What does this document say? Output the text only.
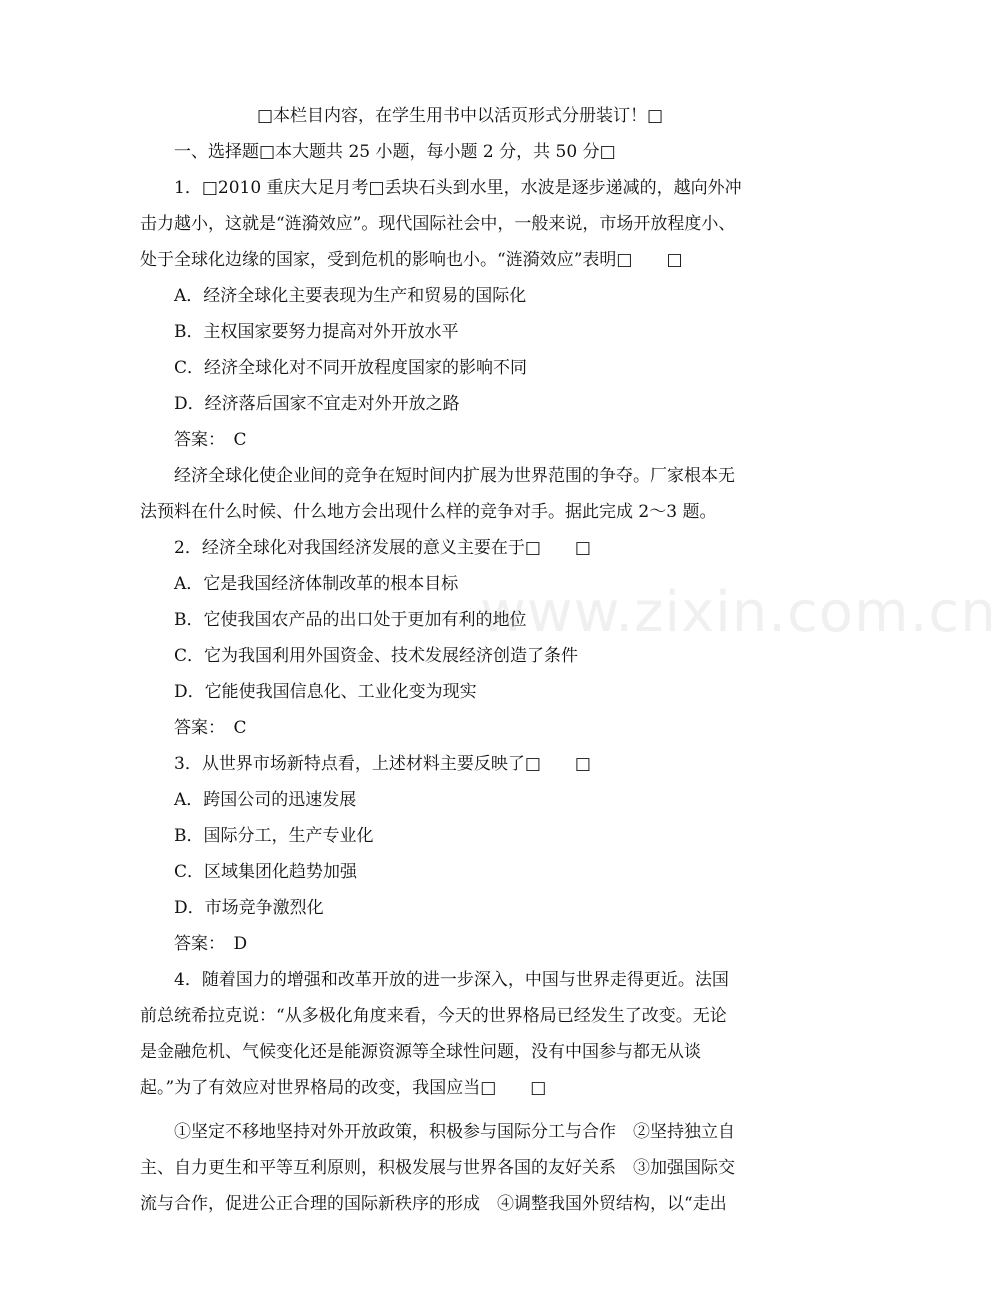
www.zixin.com.cn
□本栏目内容，在学生用书中以活页形式分册装订！□
一、选择题□本大题共 25 小题，每小题 2 分，共 50 分□
1．□2010 重庆大足月考□丢块石头到水里，水波是逐步递减的，越向外冲
击力越小，这就是“涟漪效应”。现代国际社会中，一般来说，市场开放程度小、
处于全球化边缘的国家，受到危机的影响也小。“涟漪效应”表明□　　□
A．经济全球化主要表现为生产和贸易的国际化
B．主权国家要努力提高对外开放水平
C．经济全球化对不同开放程度国家的影响不同
D．经济落后国家不宜走对外开放之路
答案：　C
经济全球化使企业间的竞争在短时间内扩展为世界范围的争夺。厂家根本无
法预料在什么时候、什么地方会出现什么样的竞争对手。据此完成 2～3 题。
2．经济全球化对我国经济发展的意义主要在于□　　□
A．它是我国经济体制改革的根本目标
B．它使我国农产品的出口处于更加有利的地位
C．它为我国利用外国资金、技术发展经济创造了条件
D．它能使我国信息化、工业化变为现实
答案：　C
3．从世界市场新特点看，上述材料主要反映了□　　□
A．跨国公司的迅速发展
B．国际分工，生产专业化
C．区域集团化趋势加强
D．市场竞争激烈化
答案：　D
4．随着国力的增强和改革开放的进一步深入，中国与世界走得更近。法国
前总统希拉克说：“从多极化角度来看，今天的世界格局已经发生了改变。无论
是金融危机、气候变化还是能源资源等全球性问题，没有中国参与都无从谈
起。”为了有效应对世界格局的改变，我国应当□　　□
①坚定不移地坚持对外开放政策，积极参与国际分工与合作　②坚持独立自
主、自力更生和平等互利原则，积极发展与世界各国的友好关系　③加强国际交
流与合作，促进公正合理的国际新秩序的形成　④调整我国外贸结构，以“走出
